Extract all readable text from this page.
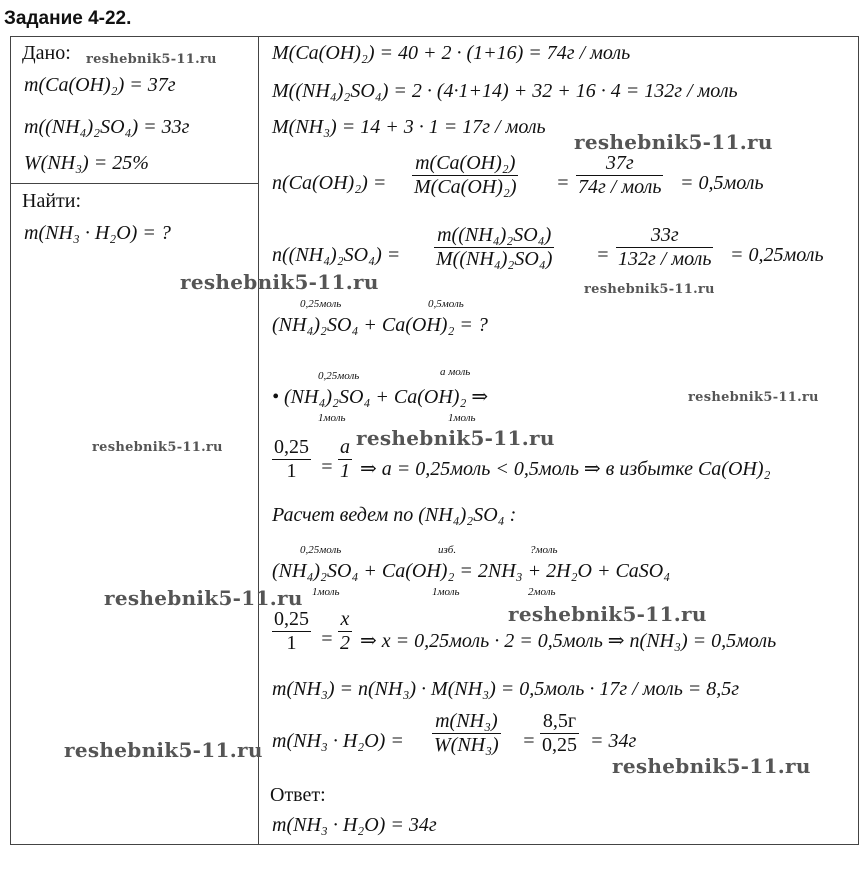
Задание 4-22.
Дано:
m(Ca(OH)₂) = 37г
m((NH₄)₂SO₄) = 33г
W(NH₃) = 25%
Найти:
m(NH₃ · H₂O) = ?
M(Ca(OH)₂) = 40 + 2 · (1+16) = 74г / моль
M((NH₄)₂SO₄) = 2 · (4·1+14) + 32 + 16 · 4 = 132г / моль
M(NH₃) = 14 + 3 · 1 = 17г / моль
$n(Ca(OH)_2) = \frac{\text{m(Ca(OH)₂)}}{\text{M(Ca(OH)₂)}}$ =
37г
74г / моль = 0,5моль
$n((NH_4)_2SO_4) = \frac{\text{m((NH₄)₂SO₄)}}{\text{M((NH₄)₂SO₄)}}$ =
33г
132г / моль = 0,25моль
0,25моль	0,5моль
(NH₄)₂SO₄ + Ca(OH)₂ = ?
0,25моль	а моль
• (NH₄)₂SO₄ + Ca(OH)₂ ⇒
1моль	1моль
$\frac{0,25}{1} = \frac{a}{1}$ ⇒ a = 0,25моль < 0,5моль ⇒ в избытке Ca(OH)₂
Расчет ведем по (NH₄)₂SO₄ :
0,25моль	изб.	?моль
(NH₄)₂SO₄ + Ca(OH)₂ = 2NH₃ + 2H₂O + CaSO₄
1моль	1моль	2моль
$\frac{0,25}{1} = \frac{x}{2}$ ⇒ x = 0,25моль · 2 = 0,5моль ⇒ n(NH₃) = 0,5моль
m(NH₃) = n(NH₃) · M(NH₃) = 0,5моль · 17г / моль = 8,5г
$m(NH_3 \cdot H_2O) = \frac{\text{m(NH₃)}}{\text{W(NH₃)}}$ =
8,5г
0,25 = 34г
Ответ:
m(NH₃ · H₂O) = 34г
reshebnik5-11.ru
reshebnik5-11.ru
reshebnik5-11.ru	reshebnik5-11.ru
reshebnik5-11.ru
reshebnik5-11.ru	reshebnik5-11.ru
reshebnik5-11.ru
reshebnik5-11.ru
reshebnik5-11.ru
reshebnik5-11.ru
